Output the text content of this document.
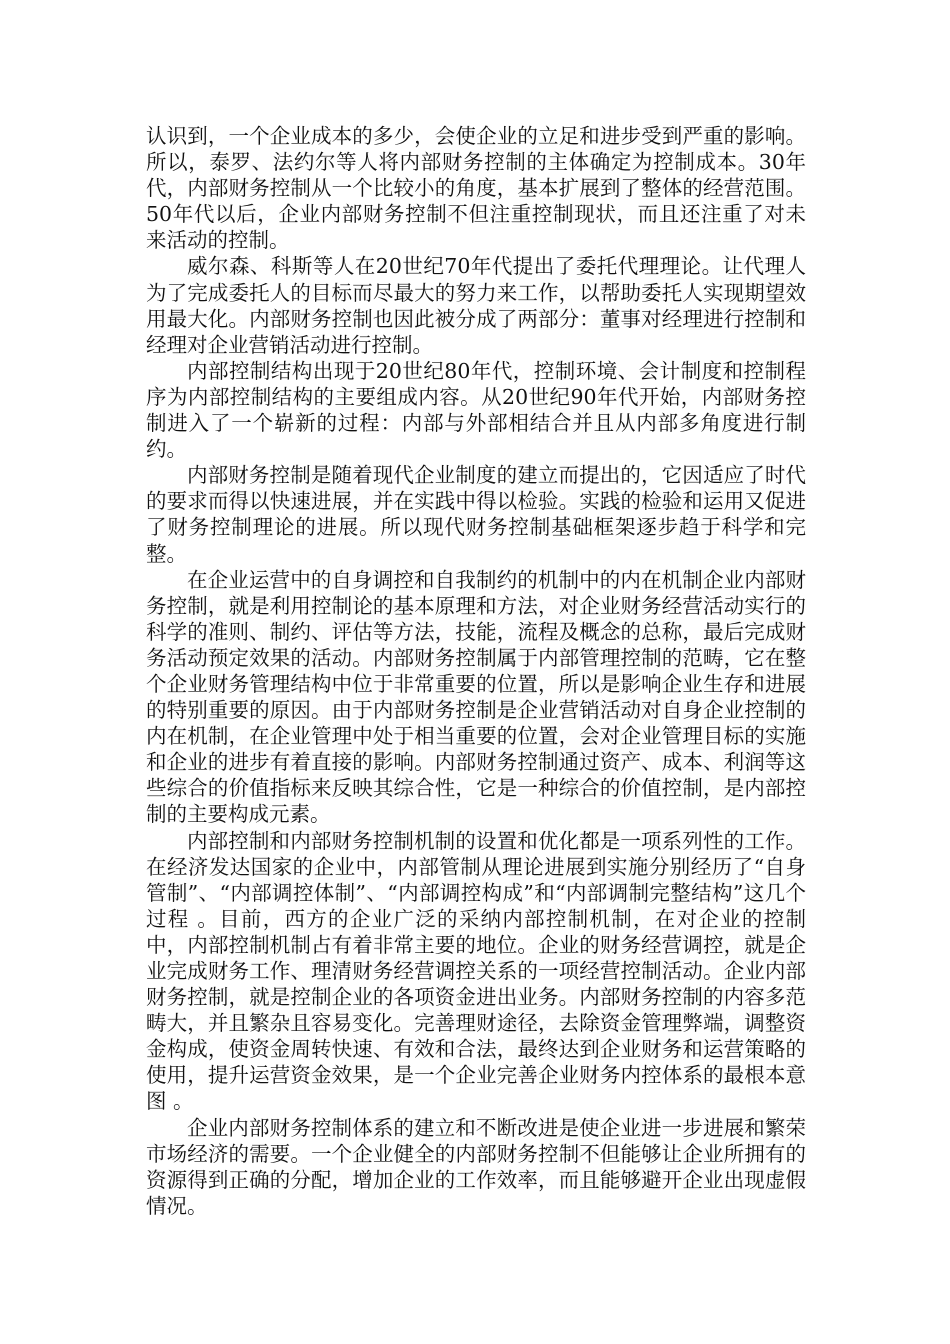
认识到，一个企业成本的多少，会使企业的立足和进步受到严重的影响。所以，泰罗、法约尔等人将内部财务控制的主体确定为控制成本。30年代，内部财务控制从一个比较小的角度，基本扩展到了整体的经营范围。50年代以后，企业内部财务控制不但注重控制现状，而且还注重了对未来活动的控制。

威尔森、科斯等人在20世纪70年代提出了委托代理理论。让代理人为了完成委托人的目标而尽最大的努力来工作，以帮助委托人实现期望效用最大化。内部财务控制也因此被分成了两部分：董事对经理进行控制和经理对企业营销活动进行控制。

内部控制结构出现于20世纪80年代，控制环境、会计制度和控制程序为内部控制结构的主要组成内容。从20世纪90年代开始，内部财务控制进入了一个崭新的过程：内部与外部相结合并且从内部多角度进行制约。

内部财务控制是随着现代企业制度的建立而提出的，它因适应了时代的要求而得以快速进展，并在实践中得以检验。实践的检验和运用又促进了财务控制理论的进展。所以现代财务控制基础框架逐步趋于科学和完整。

在企业运营中的自身调控和自我制约的机制中的内在机制企业内部财务控制，就是利用控制论的基本原理和方法，对企业财务经营活动实行的科学的准则、制约、评估等方法，技能，流程及概念的总称，最后完成财务活动预定效果的活动。内部财务控制属于内部管理控制的范畴，它在整个企业财务管理结构中位于非常重要的位置，所以是影响企业生存和进展的特别重要的原因。由于内部财务控制是企业营销活动对自身企业控制的内在机制，在企业管理中处于相当重要的位置，会对企业管理目标的实施和企业的进步有着直接的影响。内部财务控制通过资产、成本、利润等这些综合的价值指标来反映其综合性，它是一种综合的价值控制，是内部控制的主要构成元素。

内部控制和内部财务控制机制的设置和优化都是一项系列性的工作。在经济发达国家的企业中，内部管制从理论进展到实施分别经历了“自身管制”、“内部调控体制”、“内部调控构成”和“内部调制完整结构”这几个过程 。目前，西方的企业广泛的采纳内部控制机制，在对企业的控制中，内部控制机制占有着非常主要的地位。企业的财务经营调控，就是企业完成财务工作、理清财务经营调控关系的一项经营控制活动。企业内部财务控制，就是控制企业的各项资金进出业务。内部财务控制的内容多范畴大，并且繁杂且容易变化。完善理财途径，去除资金管理弊端，调整资金构成，使资金周转快速、有效和合法，最终达到企业财务和运营策略的使用，提升运营资金效果，是一个企业完善企业财务内控体系的最根本意图 。

企业内部财务控制体系的建立和不断改进是使企业进一步进展和繁荣市场经济的需要。一个企业健全的内部财务控制不但能够让企业所拥有的资源得到正确的分配，增加企业的工作效率，而且能够避开企业出现虚假情况。
